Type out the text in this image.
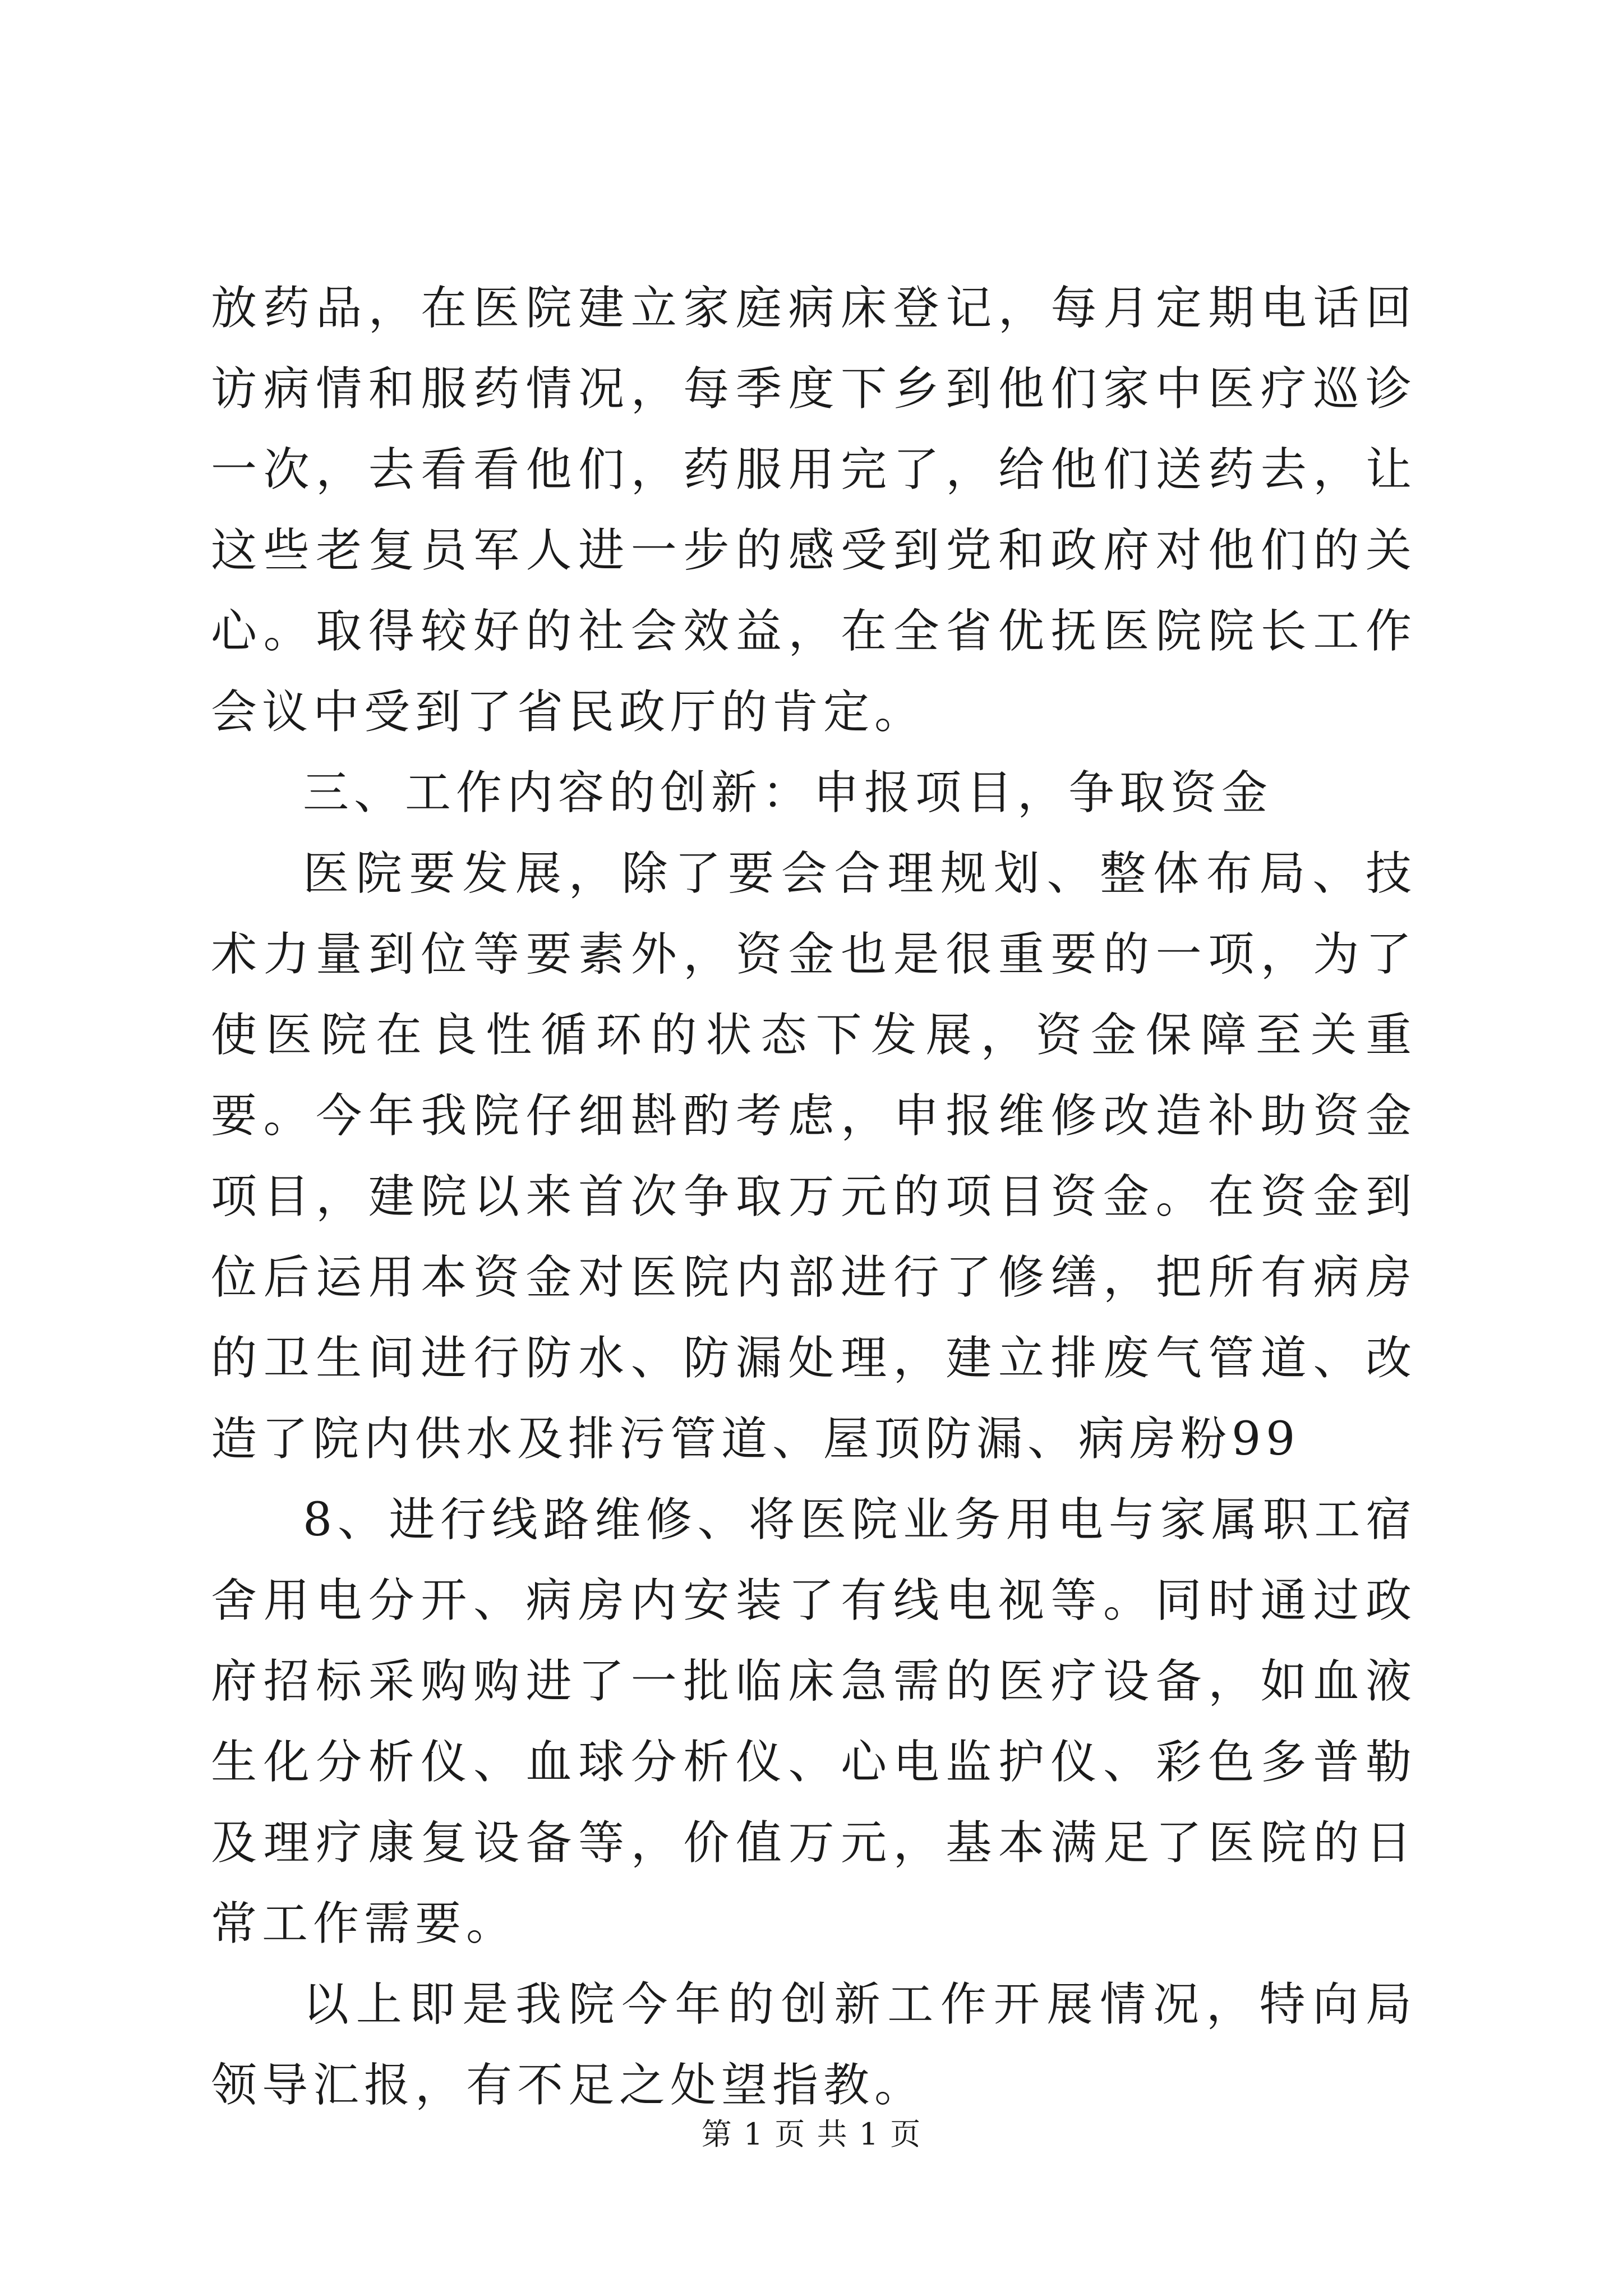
放药品，在医院建立家庭病床登记，每月定期电话回访病情和服药情况，每季度下乡到他们家中医疗巡诊一次，去看看他们，药服用完了，给他们送药去，让这些老复员军人进一步的感受到党和政府对他们的关心。取得较好的社会效益，在全省优抚医院院长工作会议中受到了省民政厅的肯定。

三、工作内容的创新：申报项目，争取资金

医院要发展，除了要会合理规划、整体布局、技术力量到位等要素外，资金也是很重要的一项，为了使医院在良性循环的状态下发展，资金保障至关重要。今年我院仔细斟酌考虑，申报维修改造补助资金项目，建院以来首次争取万元的项目资金。在资金到位后运用本资金对医院内部进行了修缮，把所有病房的卫生间进行防水、防漏处理，建立排废气管道、改造了院内供水及排污管道、屋顶防漏、病房粉99

8、进行线路维修、将医院业务用电与家属职工宿舍用电分开、病房内安装了有线电视等。同时通过政府招标采购购进了一批临床急需的医疗设备，如血液生化分析仪、血球分析仪、心电监护仪、彩色多普勒及理疗康复设备等，价值万元，基本满足了医院的日常工作需要。

以上即是我院今年的创新工作开展情况，特向局领导汇报，有不足之处望指教。

第 1 页 共 1 页
